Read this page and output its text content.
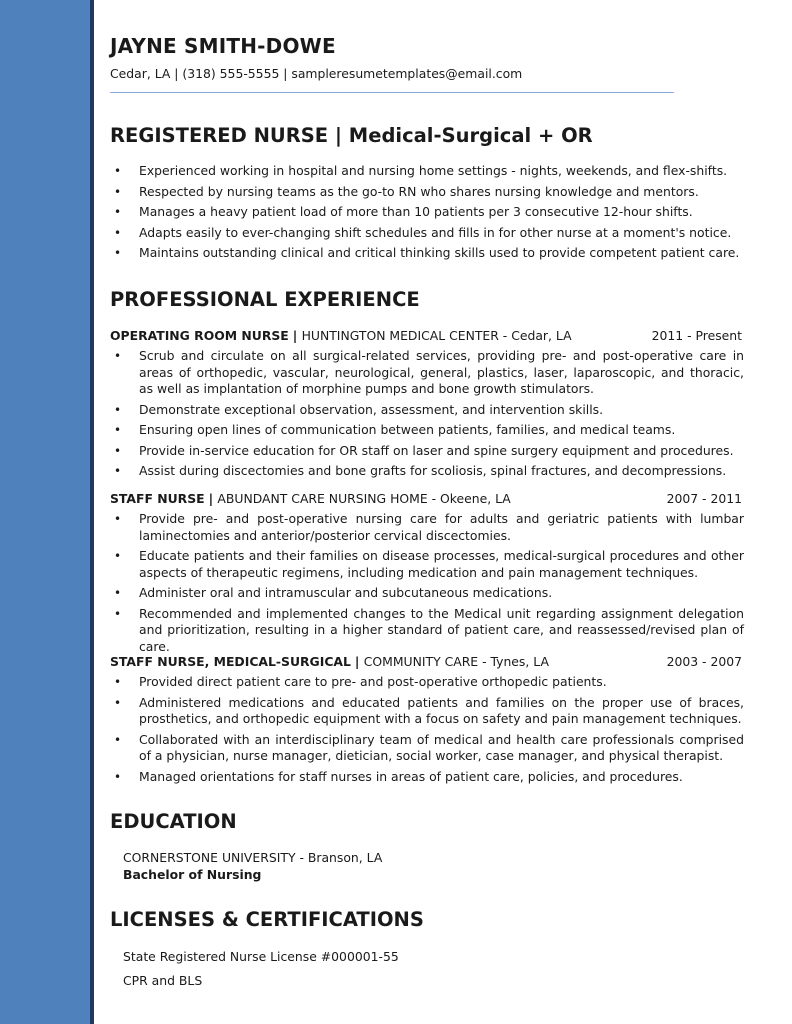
JAYNE SMITH-DOWE
Cedar, LA | (318) 555-5555 | sampleresumetemplates@email.com
REGISTERED NURSE | Medical-Surgical + OR
• Experienced working in hospital and nursing home settings - nights, weekends, and flex-shifts.
• Respected by nursing teams as the go-to RN who shares nursing knowledge and mentors.
• Manages a heavy patient load of more than 10 patients per 3 consecutive 12-hour shifts.
• Adapts easily to ever-changing shift schedules and fills in for other nurse at a moment's notice.
• Maintains outstanding clinical and critical thinking skills used to provide competent patient care.
PROFESSIONAL EXPERIENCE
OPERATING ROOM NURSE | HUNTINGTON MEDICAL CENTER - Cedar, LA	2011 - Present
• Scrub and circulate on all surgical-related services, providing pre- and post-operative care in areas of orthopedic, vascular, neurological, general, plastics, laser, laparoscopic, and thoracic, as well as implantation of morphine pumps and bone growth stimulators.
• Demonstrate exceptional observation, assessment, and intervention skills.
• Ensuring open lines of communication between patients, families, and medical teams.
• Provide in-service education for OR staff on laser and spine surgery equipment and procedures.
• Assist during discectomies and bone grafts for scoliosis, spinal fractures, and decompressions.
STAFF NURSE | ABUNDANT CARE NURSING HOME - Okeene, LA	2007 - 2011
• Provide pre- and post-operative nursing care for adults and geriatric patients with lumbar laminectomies and anterior/posterior cervical discectomies.
• Educate patients and their families on disease processes, medical-surgical procedures and other aspects of therapeutic regimens, including medication and pain management techniques.
• Administer oral and intramuscular and subcutaneous medications.
• Recommended and implemented changes to the Medical unit regarding assignment delegation and prioritization, resulting in a higher standard of patient care, and reassessed/revised plan of care.
STAFF NURSE, MEDICAL-SURGICAL | COMMUNITY CARE - Tynes, LA	2003 - 2007
• Provided direct patient care to pre- and post-operative orthopedic patients.
• Administered medications and educated patients and families on the proper use of braces, prosthetics, and orthopedic equipment with a focus on safety and pain management techniques.
• Collaborated with an interdisciplinary team of medical and health care professionals comprised of a physician, nurse manager, dietician, social worker, case manager, and physical therapist.
• Managed orientations for staff nurses in areas of patient care, policies, and procedures.
EDUCATION
CORNERSTONE UNIVERSITY - Branson, LA
Bachelor of Nursing
LICENSES & CERTIFICATIONS
State Registered Nurse License #000001-55
CPR and BLS
